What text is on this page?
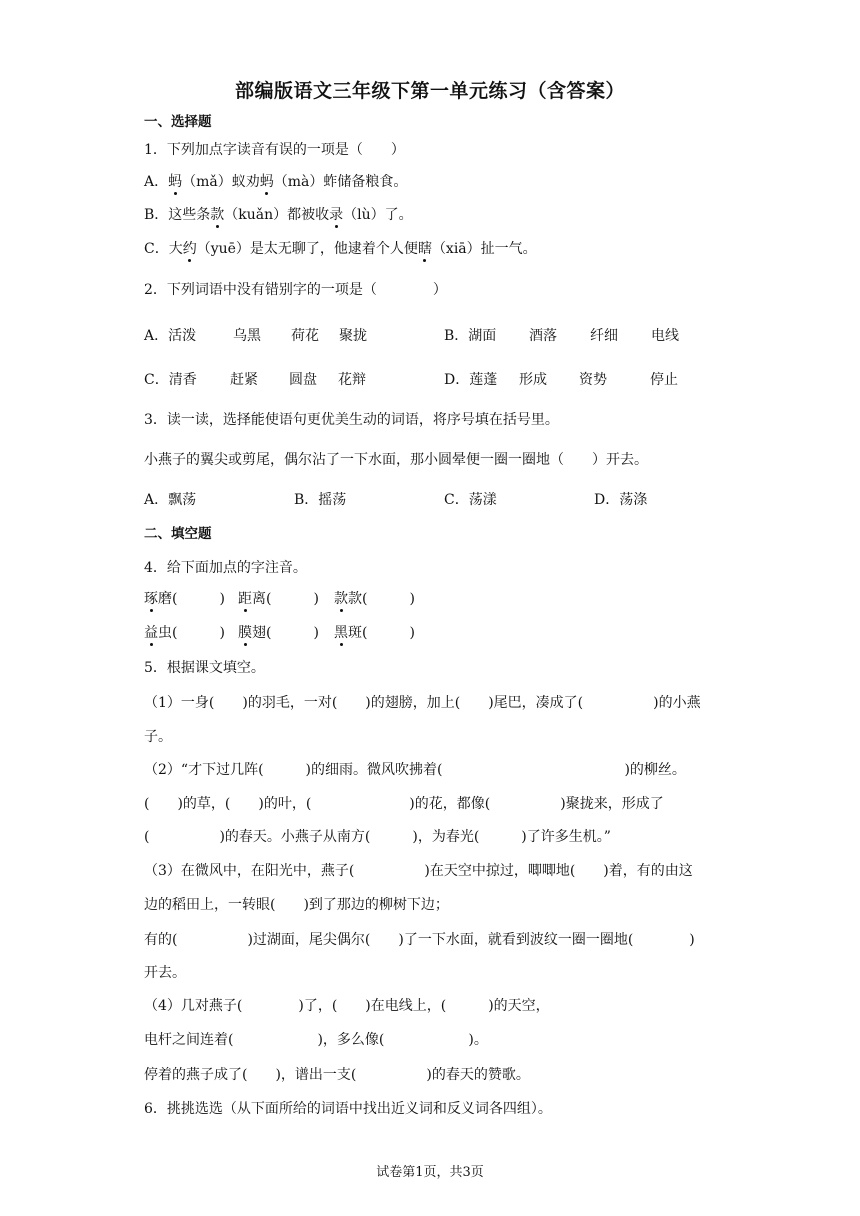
部编版语文三年级下第一单元练习（含答案）
一、选择题
1．下列加点字读音有误的一项是（　　）
A．蚂（mǎ）蚁劝蚂（mà）蚱储备粮食。
B．这些条款（kuǎn）都被收录（lù）了。
C．大约（yuē）是太无聊了，他逮着个人便瞎（xiā）扯一气。
2．下列词语中没有错别字的一项是（　　　　）
A．活泼	乌黑 荷花 聚拢	B．湖面 酒落 纤细 电线
C．清香 赶紧 圆盘 花辩	D．莲蓬 形成 资势	停止
3．读一读，选择能使语句更优美生动的词语，将序号填在括号里。
小燕子的翼尖或剪尾，偶尔沾了一下水面，那小圆晕便一圈一圈地（　　）开去。
A．飘荡	B．摇荡	C．荡漾	D．荡涤
二、填空题
4．给下面加点的字注音。
琢磨(　　　) 距离(　　　) 款款(　　　)
益虫(　　　) 膜翅(　　　) 黑斑(　　　)
5．根据课文填空。
（1）一身(　　)的羽毛，一对(　　)的翅膀，加上(　　)尾巴，凑成了(　　　　　)的小燕
子。
（2）“才下过几阵(　　　)的细雨。微风吹拂着(　　　　　　　　　　　　　)的柳丝。
(　　)的草，(　　)的叶，(　　　　　　　)的花，都像(　　　　　)聚拢来，形成了
(　　　　　)的春天。小燕子从南方(　　　)，为春光(　　　)了许多生机。”
（3）在微风中，在阳光中，燕子(　　　　　)在天空中掠过，唧唧地(　　)着，有的由这
边的稻田上，一转眼(　　)到了那边的柳树下边；
有的(　　　　　)过湖面，尾尖偶尔(　　)了一下水面，就看到波纹一圈一圈地(　　　　)
开去。
（4）几对燕子(　　　　)了，(　　)在电线上，(　　　)的天空，
电杆之间连着(　　　　　　)，多么像(　　　　　　)。
停着的燕子成了(　　)，谱出一支(　　　　　)的春天的赞歌。
6．挑挑选选（从下面所给的词语中找出近义词和反义词各四组）。
试卷第1页，共3页
